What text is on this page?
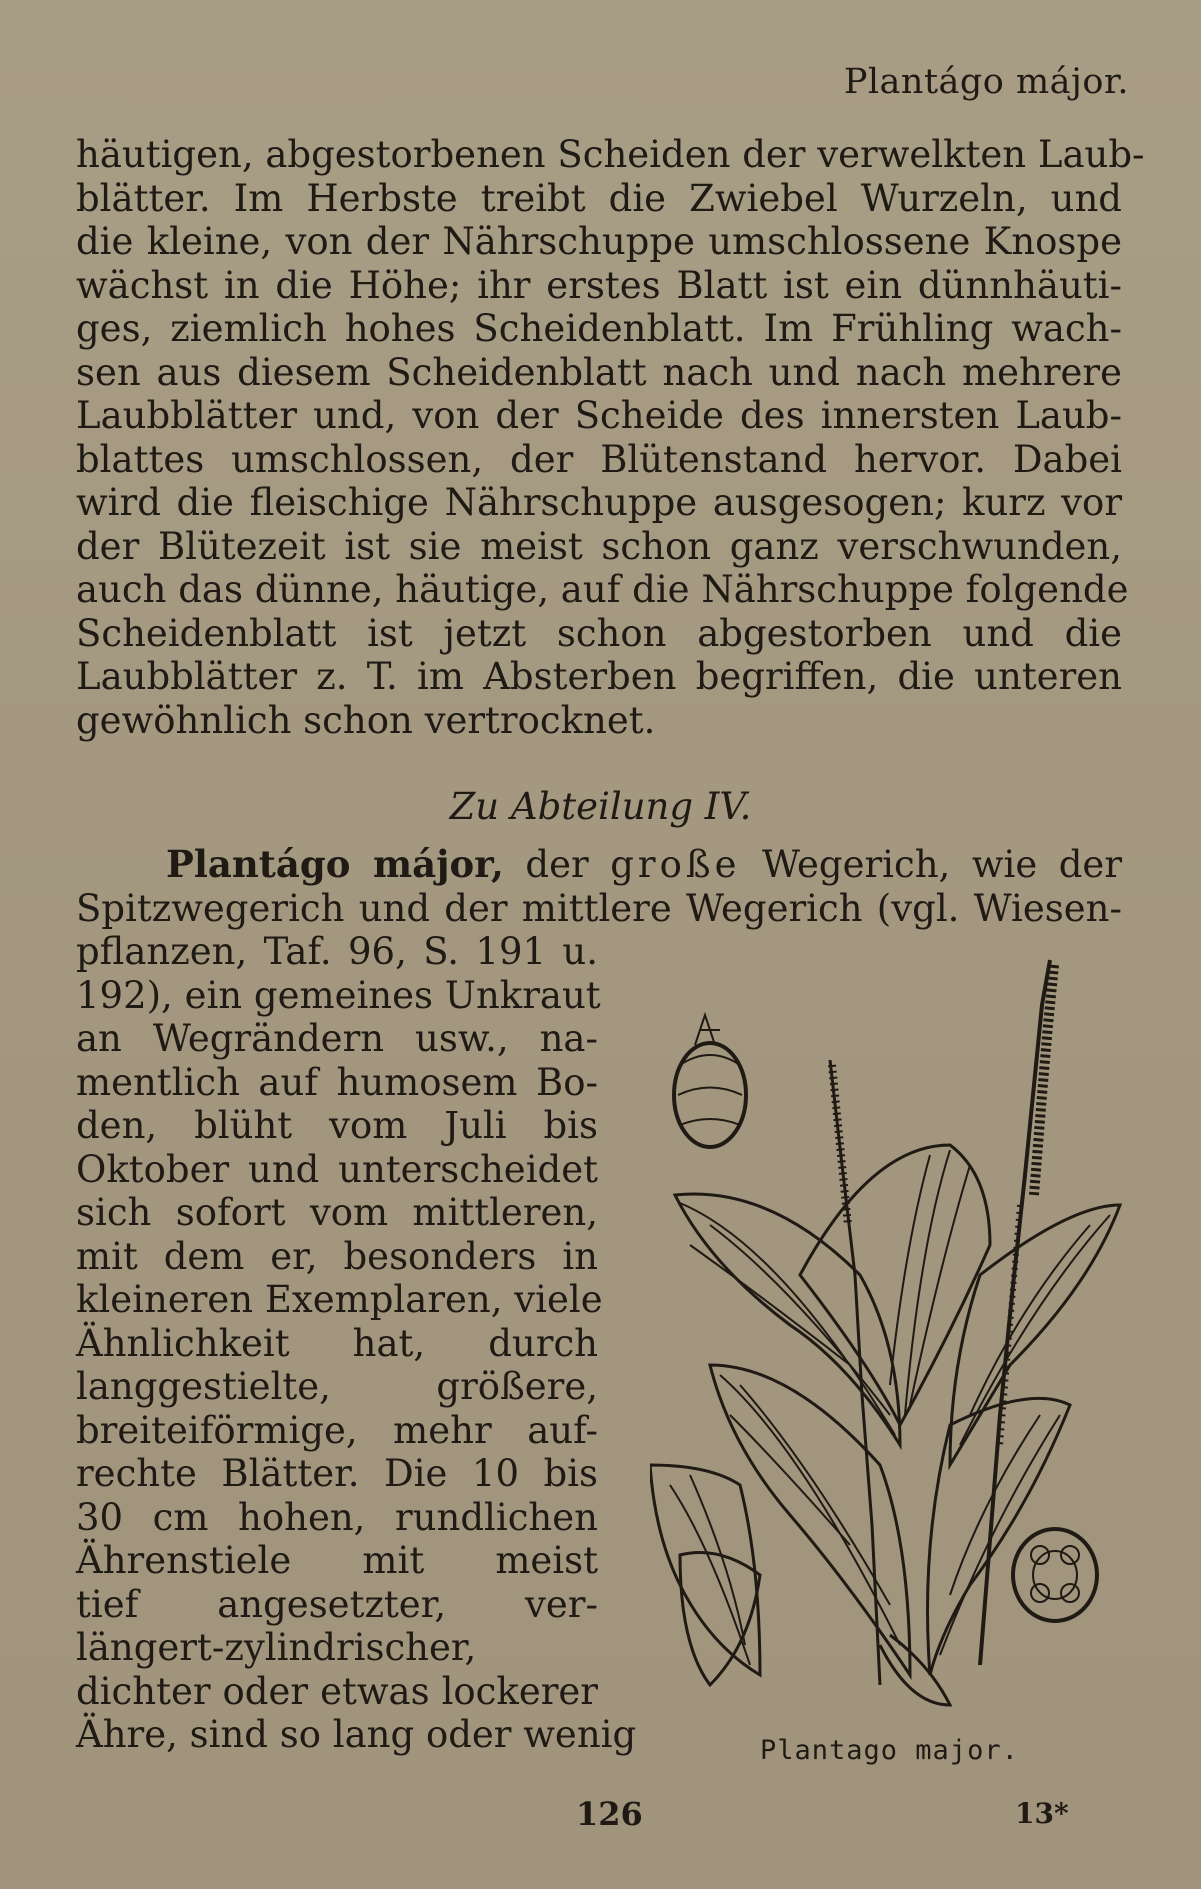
Plantágo májor.
häutigen, abgestorbenen Scheiden der verwelkten Laub-
blätter. Im Herbste treibt die Zwiebel Wurzeln, und
die kleine, von der Nährschuppe umschlossene Knospe
wächst in die Höhe; ihr erstes Blatt ist ein dünnhäuti-
ges, ziemlich hohes Scheidenblatt. Im Frühling wach-
sen aus diesem Scheidenblatt nach und nach mehrere
Laubblätter und, von der Scheide des innersten Laub-
blattes umschlossen, der Blütenstand hervor. Dabei
wird die fleischige Nährschuppe ausgesogen; kurz vor
der Blütezeit ist sie meist schon ganz verschwunden,
auch das dünne, häutige, auf die Nährschuppe folgende
Scheidenblatt ist jetzt schon abgestorben und die
Laubblätter z. T. im Absterben begriffen, die unteren
gewöhnlich schon vertrocknet.
Zu Abteilung IV.
Plantágo májor, der große Wegerich, wie der
Spitzwegerich und der mittlere Wegerich (vgl. Wiesen-
pflanzen, Taf. 96, S. 191 u.
192), ein gemeines Unkraut
an Wegrändern usw., na-
mentlich auf humosem Bo-
den, blüht vom Juli bis
Oktober und unterscheidet
sich sofort vom mittleren,
mit dem er, besonders in
kleineren Exemplaren, viele
Ähnlichkeit hat, durch
langgestielte, größere,
breiteiförmige, mehr auf-
rechte Blätter. Die 10 bis
30 cm hohen, rundlichen
Ährenstiele mit meist
tief angesetzter, ver-
längert-zylindrischer,
dichter oder etwas lockerer
Ähre, sind so lang oder wenig	Plantago major.
126	13*
